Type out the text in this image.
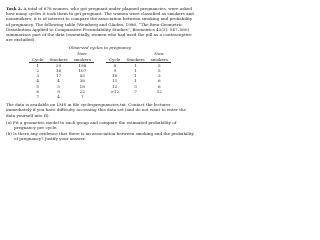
Task 2. A total of 678 women, who got pregnant under planned pregnancies, were asked how many cycles it took them to get pregnant. The women were classified as smokers and nonsmokers; it is of interest to compare the association between smoking and probability of pregnancy. The following table (Weinberg and Gladen, 1986, “The Beta-Geometric Distribution Applied to Comparative Fecundability Studies”, Biometrics 42(3): 547–560) summarizes part of the data (essentially, women who had used the pill as a contraceptive are excluded).

Observed cycles to pregnancy
		Non-				Non-
Cycle	Smokers	smokers		Cycle	Smokers	smokers
1	29	198		8	1	5
2	16	107		9	1	5
3	17	55		10	1	3
4	4	38		11	1	6
5	3	18		12	3	6
6	9	22		>12	7	12
7	4	7				

The data is available on LMS in file cyclespregnancies.txt. Contact the lecturer immediately if you have difficulty accessing this data set (and do not want to enter the data yourself into R).

(a) Fit a geometric model to each group and compare the estimated probability of pregnancy per cycle.

(b) Is there any evidence that there is an association between smoking and the probability of pregnancy? Justify your answer.
